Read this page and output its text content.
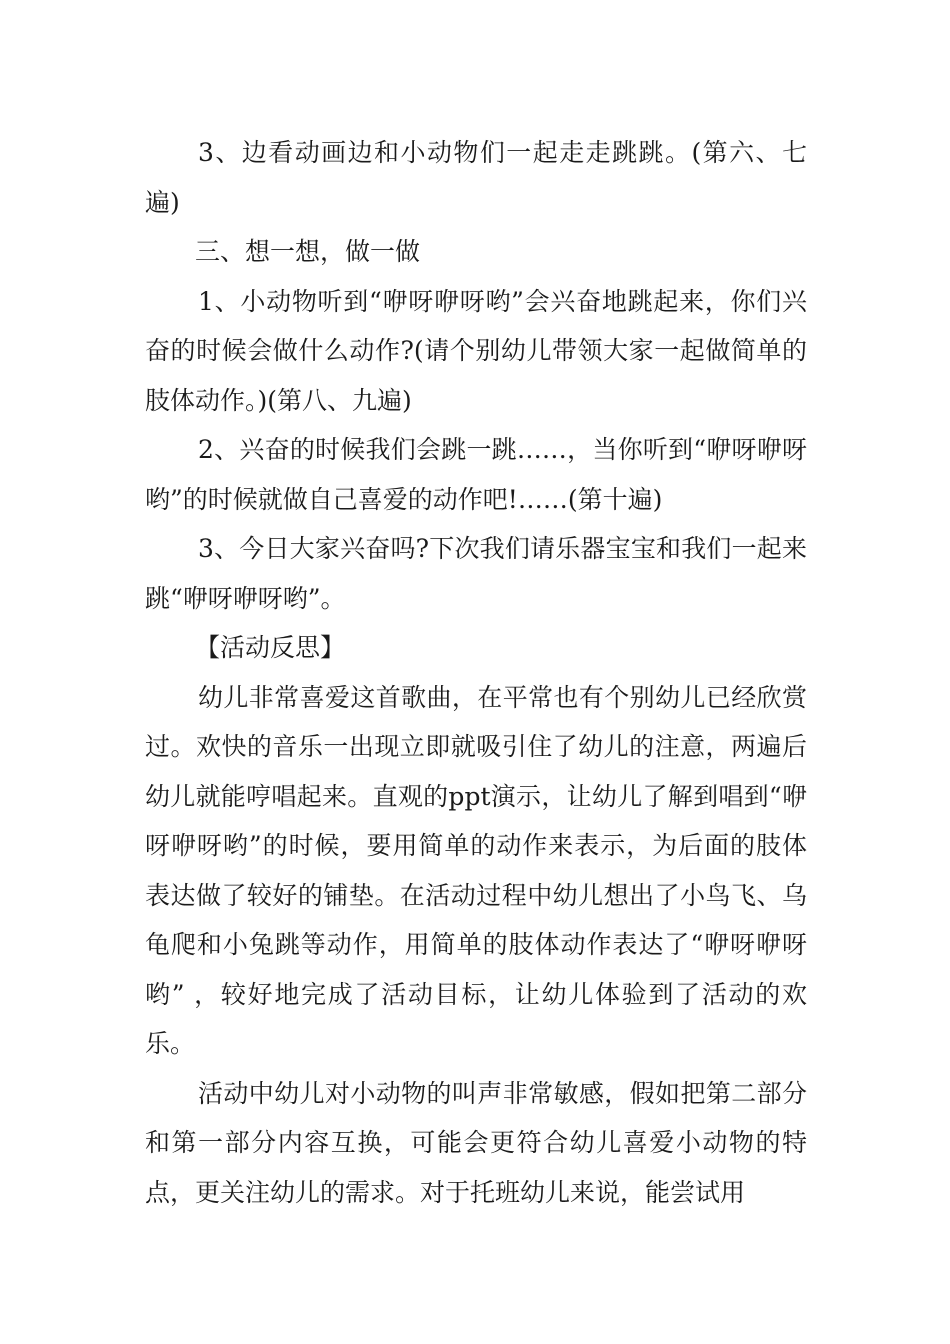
3、边看动画边和小动物们一起走走跳跳。(第六、七遍)

三、想一想，做一做

1、小动物听到“咿呀咿呀哟”会兴奋地跳起来，你们兴奋的时候会做什么动作?(请个别幼儿带领大家一起做简单的肢体动作。)(第八、九遍)

2、兴奋的时候我们会跳一跳……，当你听到“咿呀咿呀哟”的时候就做自己喜爱的动作吧!……(第十遍)

3、今日大家兴奋吗?下次我们请乐器宝宝和我们一起来跳“咿呀咿呀哟”。

【活动反思】

幼儿非常喜爱这首歌曲，在平常也有个别幼儿已经欣赏过。欢快的音乐一出现立即就吸引住了幼儿的注意，两遍后幼儿就能哼唱起来。直观的ppt演示，让幼儿了解到唱到“咿呀咿呀哟”的时候，要用简单的动作来表示，为后面的肢体表达做了较好的铺垫。在活动过程中幼儿想出了小鸟飞、乌龟爬和小兔跳等动作，用简单的肢体动作表达了“咿呀咿呀哟” ，较好地完成了活动目标，让幼儿体验到了活动的欢乐。

活动中幼儿对小动物的叫声非常敏感，假如把第二部分和第一部分内容互换，可能会更符合幼儿喜爱小动物的特点，更关注幼儿的需求。对于托班幼儿来说，能尝试用
